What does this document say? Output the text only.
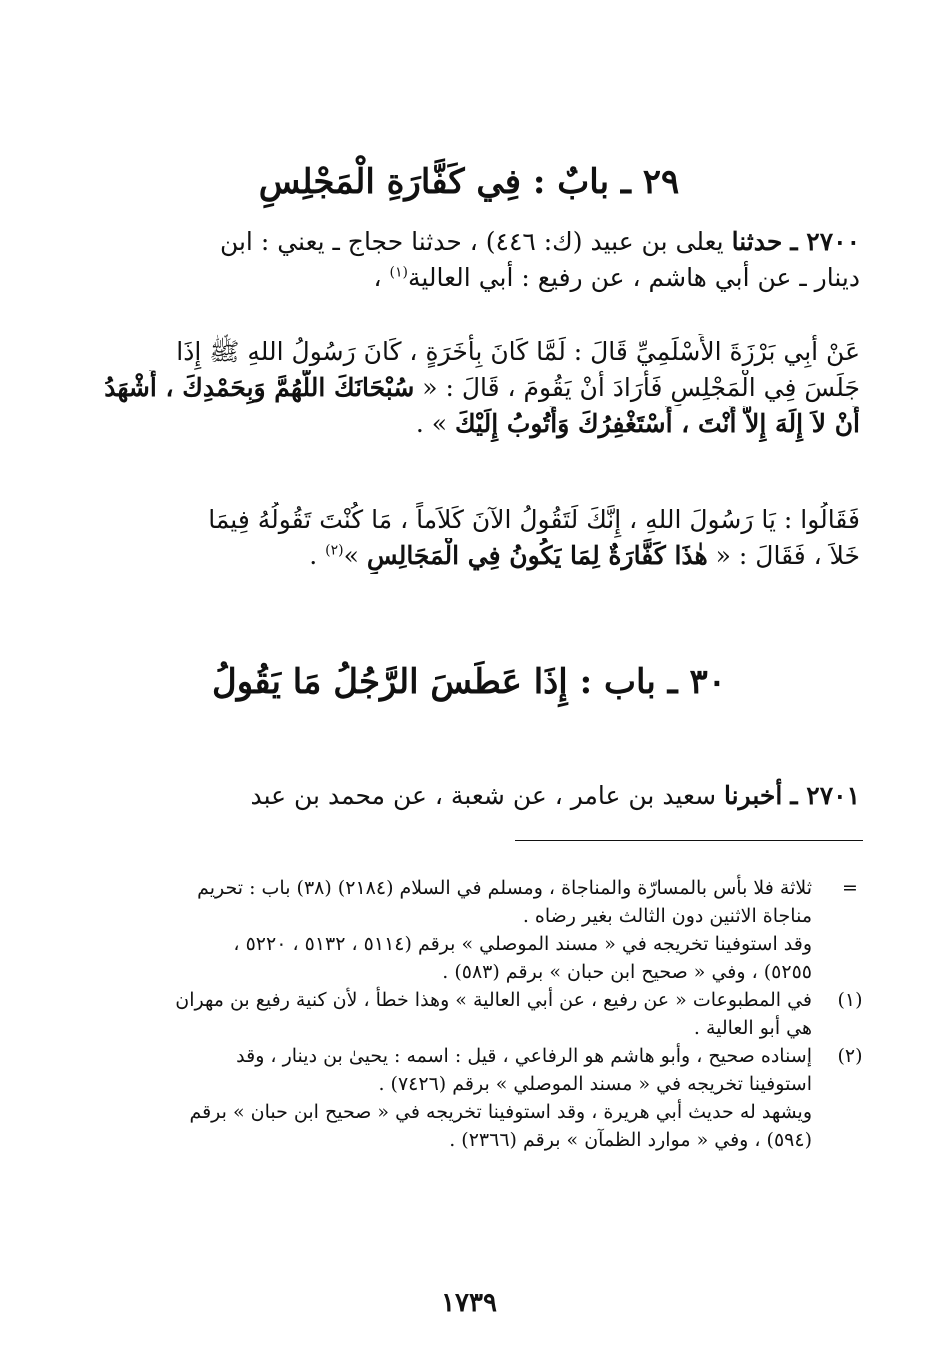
٢٩ ـ بابٌ : فِي كَفَّارَةِ الْمَجْلِسِ
٢٧٠٠ ـ حدثنا يعلى بن عبيد (ك: ٤٤٦) ، حدثنا حجاج ـ يعني : ابن
دينار ـ عن أبي هاشم ، عن رفيع : أبي العالية$^{(١)}$ ،
عَنْ أَبِي بَرْزَةَ الأَسْلَمِيِّ قَالَ : لَمَّا كَانَ بِأَخَرَةٍ ، كَانَ رَسُولُ اللهِ ﷺ إِذَا
جَلَسَ فِي الْمَجْلِسِ فَأَرَادَ أَنْ يَقُومَ ، قَالَ : « سُبْحَانَكَ اللَّهُمَّ وَبِحَمْدِكَ ، أَشْهَدُ
أَنْ لاَ إِلَهَ إِلاَّ أَنْتَ ، أَسْتَغْفِرُكَ وَأَتُوبُ إِلَيْكَ » .
فَقَالُوا : يَا رَسُولَ اللهِ ، إِنَّكَ لَتَقُولُ الآنَ كَلاَماً ، مَا كُنْتَ تَقُولُهُ فِيمَا
خَلاَ ، فَقَالَ : « هٰذَا كَفَّارَةٌ لِمَا يَكُونُ فِي الْمَجَالِسِ »$^{(٢)}$ .
٣٠ ـ باب : إِذَا عَطَسَ الرَّجُلُ مَا يَقُولُ
٢٧٠١ ـ أخبرنا سعيد بن عامر ، عن شعبة ، عن محمد بن عبد
=
ثلاثة فلا بأس بالمسارّة والمناجاة ، ومسلم في السلام (٢١٨٤) (٣٨) باب : تحريم
مناجاة الاثنين دون الثالث بغير رضاه .
وقد استوفينا تخريجه في « مسند الموصلي » برقم (٥١١٤ ، ٥١٣٢ ، ٥٢٢٠ ،
٥٢٥٥) ، وفي « صحيح ابن حبان » برقم (٥٨٣) .
(١)
في المطبوعات « عن رفيع ، عن أبي العالية » وهذا خطأ ، لأن كنية رفيع بن مهران
هي أبو العالية .
(٢)
إسناده صحيح ، وأبو هاشم هو الرفاعي ، قيل : اسمه : يحيىٰ بن دينار ، وقد
استوفينا تخريجه في « مسند الموصلي » برقم (٧٤٢٦) .
ويشهد له حديث أبي هريرة ، وقد استوفينا تخريجه في « صحيح ابن حبان » برقم
(٥٩٤) ، وفي « موارد الظمآن » برقم (٢٣٦٦) .
١٧٣٩
